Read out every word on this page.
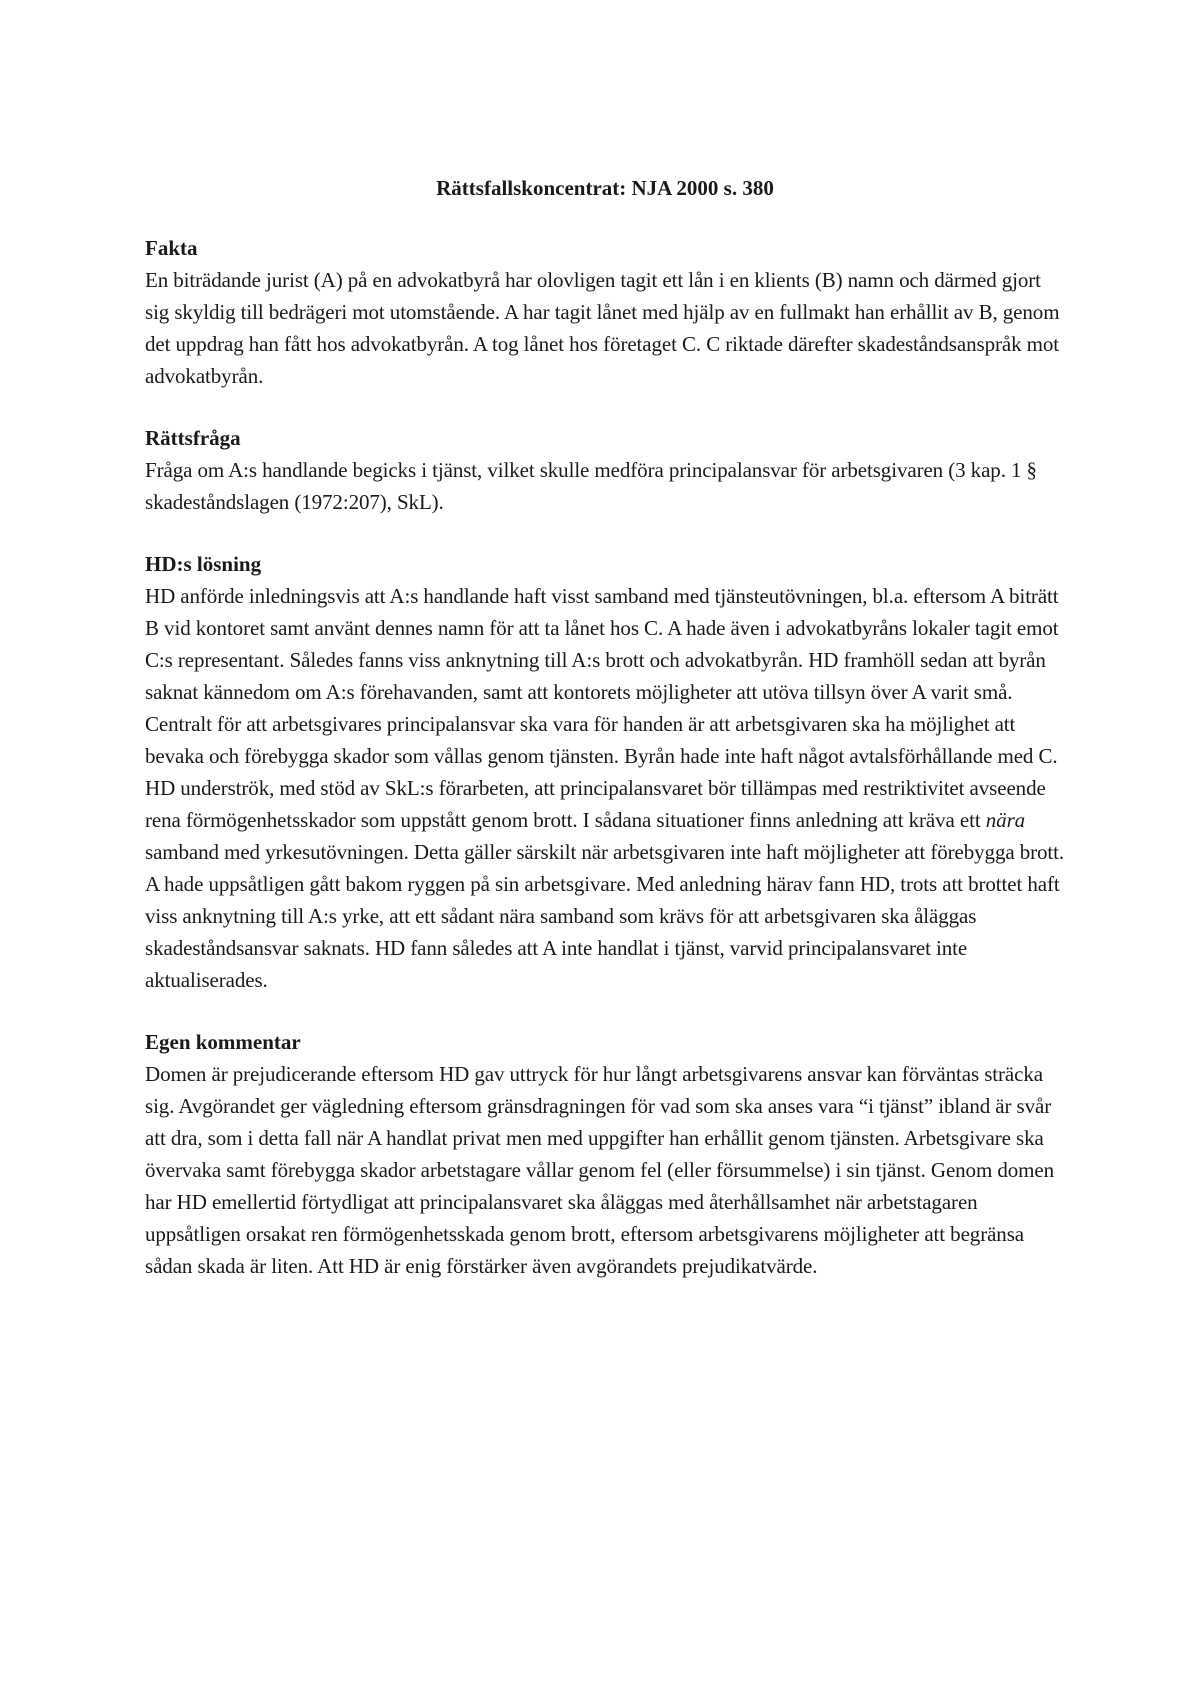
Rättsfallskoncentrat: NJA 2000 s. 380
Fakta

En biträdande jurist (A) på en advokatbyrå har olovligen tagit ett lån i en klients (B) namn och därmed gjort sig skyldig till bedrägeri mot utomstående. A har tagit lånet med hjälp av en fullmakt han erhållit av B, genom det uppdrag han fått hos advokatbyrån. A tog lånet hos företaget C. C riktade därefter skadeståndsanspråk mot advokatbyrån.

Rättsfråga

Fråga om A:s handlande begicks i tjänst, vilket skulle medföra principalansvar för arbetsgivaren (3 kap. 1 § skadeståndslagen (1972:207), SkL).

HD:s lösning

HD anförde inledningsvis att A:s handlande haft visst samband med tjänsteutövningen, bl.a. eftersom A biträtt B vid kontoret samt använt dennes namn för att ta lånet hos C. A hade även i advokatbyråns lokaler tagit emot C:s representant. Således fanns viss anknytning till A:s brott och advokatbyrån. HD framhöll sedan att byrån saknat kännedom om A:s förehavanden, samt att kontorets möjligheter att utöva tillsyn över A varit små. Centralt för att arbetsgivares principalansvar ska vara för handen är att arbetsgivaren ska ha möjlighet att bevaka och förebygga skador som vållas genom tjänsten. Byrån hade inte haft något avtalsförhållande med C. HD underströk, med stöd av SkL:s förarbeten, att principalansvaret bör tillämpas med restriktivitet avseende rena förmögenhetsskador som uppstått genom brott. I sådana situationer finns anledning att kräva ett nära samband med yrkesutövningen. Detta gäller särskilt när arbetsgivaren inte haft möjligheter att förebygga brott. A hade uppsåtligen gått bakom ryggen på sin arbetsgivare. Med anledning härav fann HD, trots att brottet haft viss anknytning till A:s yrke, att ett sådant nära samband som krävs för att arbetsgivaren ska åläggas skadeståndsansvar saknats. HD fann således att A inte handlat i tjänst, varvid principalansvaret inte aktualiserades.

Egen kommentar

Domen är prejudicerande eftersom HD gav uttryck för hur långt arbetsgivarens ansvar kan förväntas sträcka sig. Avgörandet ger vägledning eftersom gränsdragningen för vad som ska anses vara “i tjänst” ibland är svår att dra, som i detta fall när A handlat privat men med uppgifter han erhållit genom tjänsten. Arbetsgivare ska övervaka samt förebygga skador arbetstagare vållar genom fel (eller försummelse) i sin tjänst. Genom domen har HD emellertid förtydligat att principalansvaret ska åläggas med återhållsamhet när arbetstagaren uppsåtligen orsakat ren förmögenhetsskada genom brott, eftersom arbetsgivarens möjligheter att begränsa sådan skada är liten. Att HD är enig förstärker även avgörandets prejudikatvärde.
